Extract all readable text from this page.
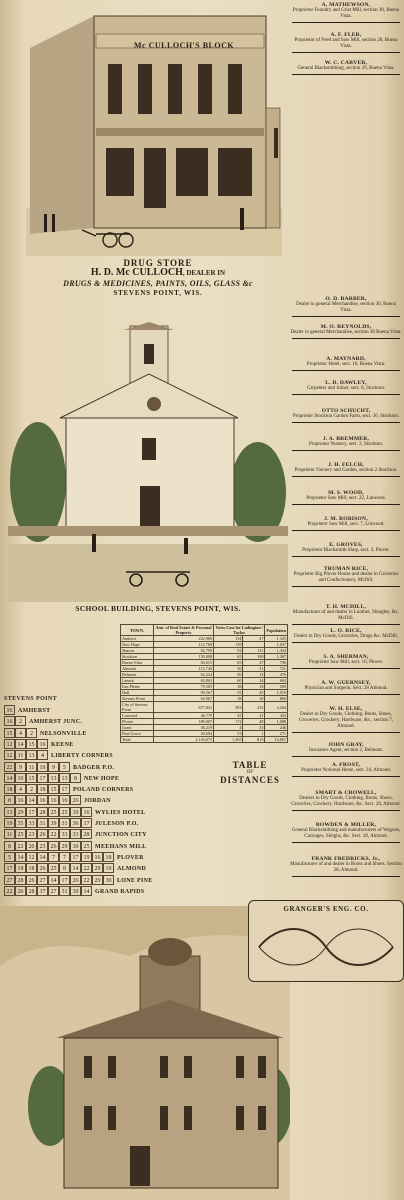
Mc CULLOCH'S BLOCK
DRUG STORE
H. D. Mc CULLOCH, DEALER IN
DRUGS & MEDICINES, PAINTS, OILS, GLASS &c
STEVENS POINT, WIS.
SCHOOL BUILDING, STEVENS POINT, WIS.
TOWN.	Amt. of Real Estate & Personal Property	Votes Cast for Ludington / Taylor		Population
Amherst	222,980	154	47	1,325
New Hope	112,768	139		1,037
Sharon	82,799	93	131	1,434
Stockton	150,098	65	108	1,367
Buena Vista	84,615	65	47	796
Almond	115,740	56	31	721
Belmont	62,224	56	13	476
Lanark	65,865	60	34	604
Eau Pleine	79,505	18	19	509
Hull	90,567	35	45	1,019
Stevens Point	64,067	18	18	860
City of Stevens Point	677,841	393	215	3,264
Linwood	46,779	25	41	443
Plover	189,007	172	48	1,088
Grant	36,219	4	35	246
Pine Grove	50,694	53	1	271
Total	2,143,673	1,365	815	14,867
STEVENS POINT
TABLE
OF
DISTANCES
16 AMHERST
16 2 AMHERST JUNC.
15 4 2 NELSONVILLE
12 14 15 16 KEENE
12 11 13 4 LIBERTY CORNERS
22 9 11 19 9 5 BADGER P.O.
14 10 15 17 13 13 8 NEW HOPE
18 4 2 18 15 17 POLAND CORNERS
8 16 14 16 16 16 26 JORDAN
13 29 17 28 25 25 30 16 WYLIES HOTEL
19 35 33 31 39 31 36 17 JULESON P.O.
11 25 23 26 22 33 33 28 JUNCTION CITY
8 22 20 23 26 29 30 25 MEEHANS MILL
5 14 12 14 7 7 17 19 16 18 PLOVER
17 18 18 26 25 8 14 22 29 19 ALMOND
27 28 26 27 14 17 26 22 29 30 LONE PINE
22 26 28 37 27 31 30 14 GRAND RAPIDS
GRANGER'S ENG. CO.
A. MATHEWSON,
Proprietor Foundry and Grist Mill, section 30, Buena Vista.
A. F. FLER,
Proprietor of Feed and Saw Mill, section 28, Buena Vista.
W. C. CARVER,
General Blacksmithing, section 29, Buena Vista.
O. D. BARBER,
Dealer in general Merchandise, section 30, Buena Vista.
M. O. REYNOLDS,
Dealer in general Merchandise, section 30 Buena Vista.
A. MAYNARD,
Proprietor Hotel, sect. 16, Buena Vista.
L. D. DAWLEY,
Carpenter and Joiner, sect. 8, Stockton.
OTTO SCHUCHT,
Proprietor Stockton Garden Farm, sect. 36, Stockton.
J. A. BREMMER,
Proprietor Nursery, sect. 3, Stockton.
J. H. FELCH,
Proprietor Nursery and Garden, section 2 Stockton.
M. S. WOOD,
Proprietor Saw Mill, sect. 22, Linwood.
J. M. ROBISON,
Proprietor Saw Mill, sect. 7, Linwood.
E. GROVES,
Proprietor Blacksmith Shop, sect. 3, Plover.
TRUMAN RICE,
Proprietor Big Plover House and dealer in Groceries and Confectionery, McDill.
T. H. MCDILL,
Manufacturer of and dealer in Lumber, Shingles, &c. McDill.
L. O. RICE,
Dealer in Dry Goods, Groceries, Drugs &c. McDill.
S. A. SHERMAN,
Proprietor Saw Mill, sect. 16, Plover.
A. W. GUERNSEY,
Physician and Surgeon. Sect. 28 Almond.
W. H. ELSE,
Dealer in Dry Goods, Clothing, Boots, Shoes, Groceries, Crockery, Hardware, &c., section 7, Almond.
JOHN GRAY,
Insurance Agent, section 2, Belmont.
A. FROST,
Proprietor Notional Horse, sect. 34, Almond.
SMART & CROWELL,
Dealers in Dry Goods, Clothing, Boots, Shoes, Groceries, Crockery, Hardware, &c. Sect. 28, Almond.
BOWDEN & MILLER,
General Blacksmithing and manufacturers of Wagons, Carriages, Sleighs, &c. Sect. 28, Almond.
FRANK FREDRICKS, Jr.,
Manufacturer of and dealer in Boots and Shoes. Section 28, Almond.
